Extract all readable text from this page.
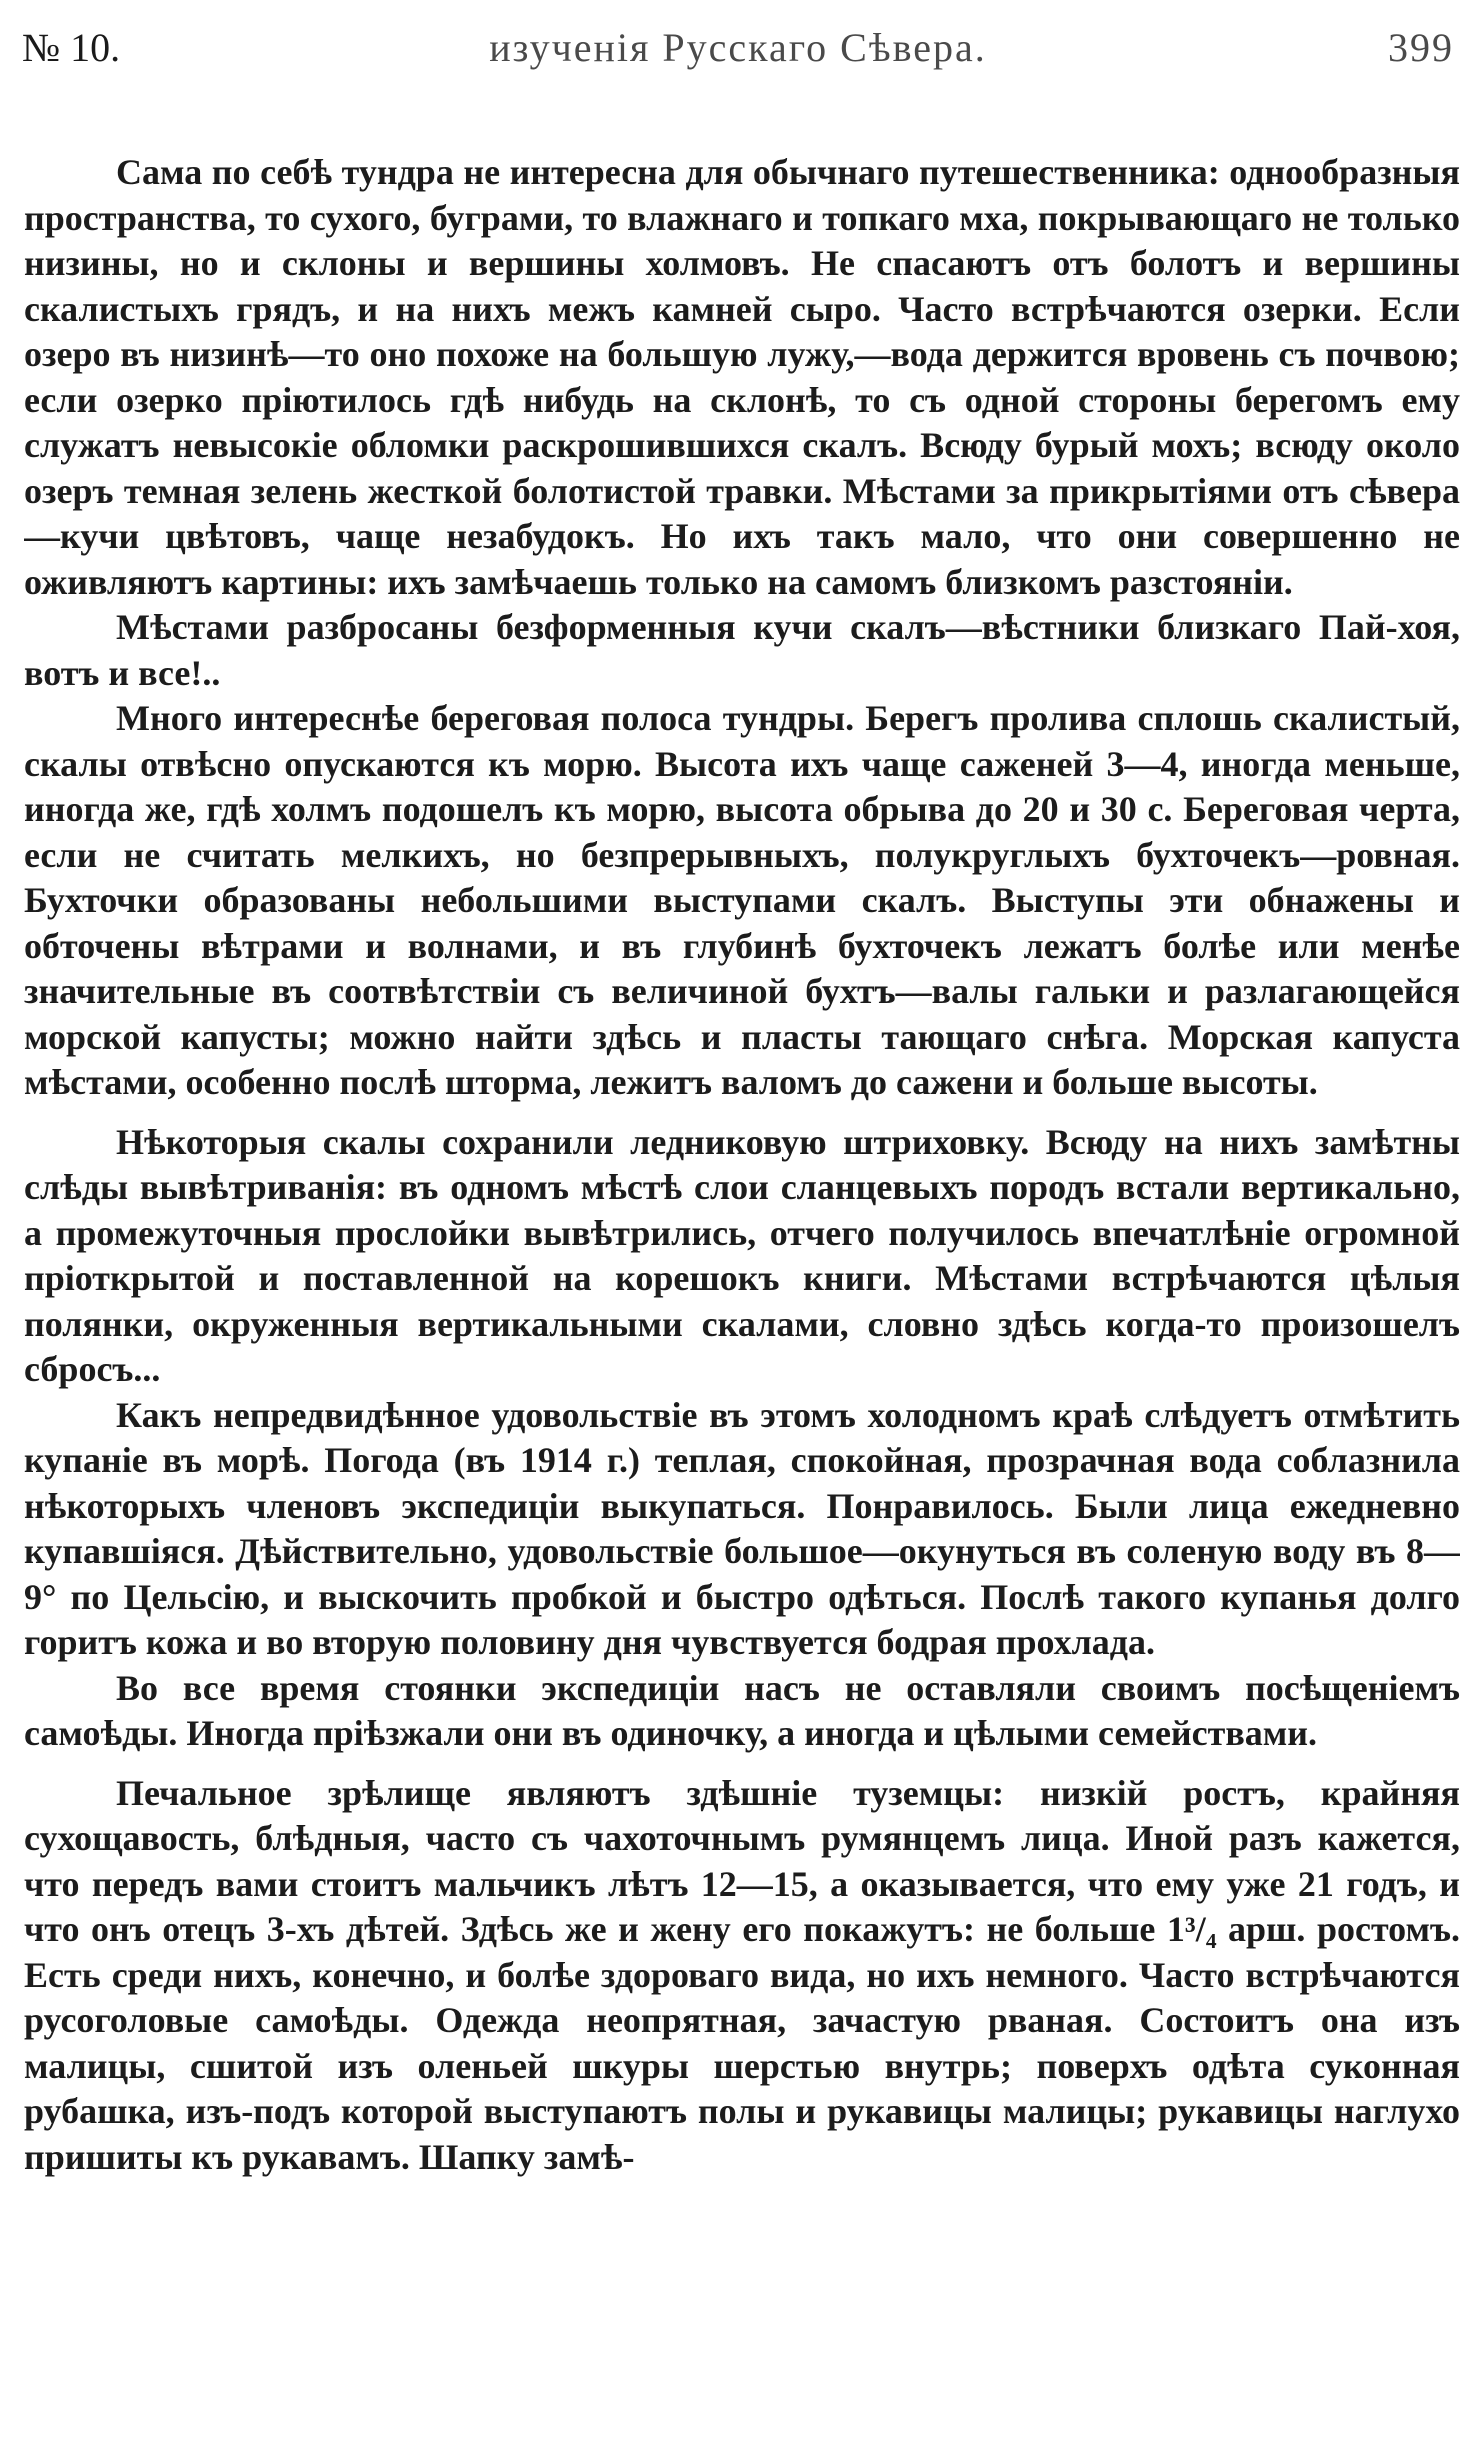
№ 10.	изученія Русскаго Сѣвера.	399

Сама по себѣ тундра не интересна для обычнаго путешественника: однообразныя пространства, то сухого, буграми, то влажнаго и топкаго мха, покрывающаго не только низины, но и склоны и вершины холмовъ. Не спасаютъ отъ болотъ и вершины скалистыхъ грядъ, и на нихъ межъ камней сыро. Часто встрѣчаются озерки. Если озеро въ низинѣ—то оно похоже на большую лужу,—вода держится вровень съ почвою; если озерко пріютилось гдѣ нибудь на склонѣ, то съ одной стороны берегомъ ему служатъ невысокіе обломки раскрошившихся скалъ. Всюду бурый мохъ; всюду около озеръ темная зелень жесткой болотистой травки. Мѣстами за прикрытіями отъ сѣвера—кучи цвѣтовъ, чаще незабудокъ. Но ихъ такъ мало, что они совершенно не оживляютъ картины: ихъ замѣчаешь только на самомъ близкомъ разстояніи.

Мѣстами разбросаны безформенныя кучи скалъ—вѣстники близкаго Пай-хоя, вотъ и все!..

Много интереснѣе береговая полоса тундры. Берегъ пролива сплошь скалистый, скалы отвѣсно опускаются къ морю. Высота ихъ чаще саженей 3—4, иногда меньше, иногда же, гдѣ холмъ подошелъ къ морю, высота обрыва до 20 и 30 с. Береговая черта, если не считать мелкихъ, но безпрерывныхъ, полукруглыхъ бухточекъ—ровная. Бухточки образованы небольшими выступами скалъ. Выступы эти обнажены и обточены вѣтрами и волнами, и въ глубинѣ бухточекъ лежатъ болѣе или менѣе значительные въ соотвѣтствіи съ величиной бухтъ—валы гальки и разлагающейся морской капусты; можно найти здѣсь и пласты тающаго снѣга. Морская капуста мѣстами, особенно послѣ шторма, лежитъ валомъ до сажени и больше высоты.

Нѣкоторыя скалы сохранили ледниковую штриховку. Всюду на нихъ замѣтны слѣды вывѣтриванія: въ одномъ мѣстѣ слои сланцевыхъ породъ встали вертикально, а промежуточныя прослойки вывѣтрились, отчего получилось впечатлѣніе огромной пріоткрытой и поставленной на корешокъ книги. Мѣстами встрѣчаются цѣлыя полянки, окруженныя вертикальными скалами, словно здѣсь когда-то произошелъ сбросъ...

Какъ непредвидѣнное удовольствіе въ этомъ холодномъ краѣ слѣдуетъ отмѣтить купаніе въ морѣ. Погода (въ 1914 г.) теплая, спокойная, прозрачная вода соблазнила нѣкоторыхъ членовъ экспедиціи выкупаться. Понравилось. Были лица ежедневно купавшіяся. Дѣйствительно, удовольствіе большое—окунуться въ соленую воду въ 8—9° по Цельсію, и выскочить пробкой и быстро одѣться. Послѣ такого купанья долго горитъ кожа и во вторую половину дня чувствуется бодрая прохлада.

Во все время стоянки экспедиціи насъ не оставляли своимъ посѣщеніемъ самоѣды. Иногда пріѣзжали они въ одиночку, а иногда и цѣлыми семействами.

Печальное зрѣлище являютъ здѣшніе туземцы: низкій ростъ, крайняя сухощавость, блѣдныя, часто съ чахоточнымъ румянцемъ лица. Иной разъ кажется, что передъ вами стоитъ мальчикъ лѣтъ 12—15, а оказывается, что ему уже 21 годъ, и что онъ отецъ 3-хъ дѣтей. Здѣсь же и жену его покажутъ: не больше 1³/₄ арш. ростомъ. Есть среди нихъ, конечно, и болѣе здороваго вида, но ихъ немного. Часто встрѣчаются русоголовые самоѣды. Одежда неопрятная, зачастую рваная. Состоитъ она изъ малицы, сшитой изъ оленьей шкуры шерстью внутрь; поверхъ одѣта суконная рубашка, изъ-подъ которой выступаютъ полы и рукавицы малицы; рукавицы наглухо пришиты къ рукавамъ. Шапку замѣ-
